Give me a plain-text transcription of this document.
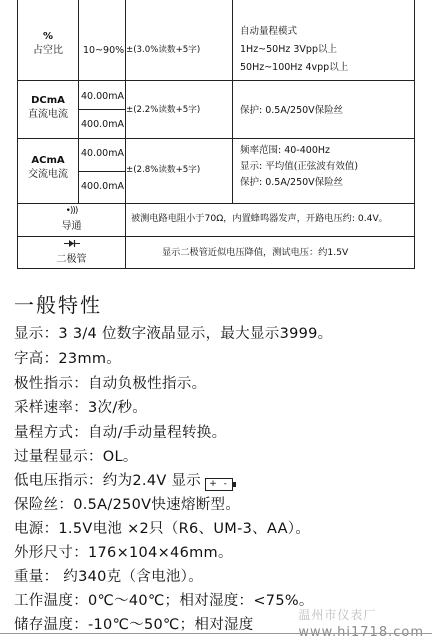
%
占空比	10~90% ±(3.0%读数+5字)
自动量程模式
1Hz~50Hz 3Vpp以上
50Hz~100Hz 4vpp以上
DCmA
直流电流
40.00mA
400.0mA
±(2.2%读数+5字)	保护: 0.5A/250V保险丝
ACmA
交流电流
40.00mA
400.0mA
±(2.8%读数+5字)
频率范围: 40-400Hz
显示: 平均值(正弦波有效值)
保护: 0.5A/250V保险丝
•)))
导通
被测电路电阻小于70Ω，内置蜂鸣器发声，开路电压约: 0.4V。
二极管
显示二极管近似电压降值，测试电压：约1.5V
一般特性
显示：3 3/4 位数字液晶显示，最大显示3999。
字高：23mm。
极性指示：自动负极性指示。
采样速率：3次/秒。
量程方式：自动/手动量程转换。
过量程显示：OL。
低电压指示：约为2.4V 显示 + -
保险丝：0.5A/250V快速熔断型。
电源：1.5V电池 ×2只（R6、UM-3、AA）。
外形尺寸：176×104×46mm。
重量： 约340克（含电池）。
工作温度：0℃～40℃；相对湿度：<75%。
储存温度：-10℃～50℃；相对湿度
温州市仪表厂
www.hi1718.com
